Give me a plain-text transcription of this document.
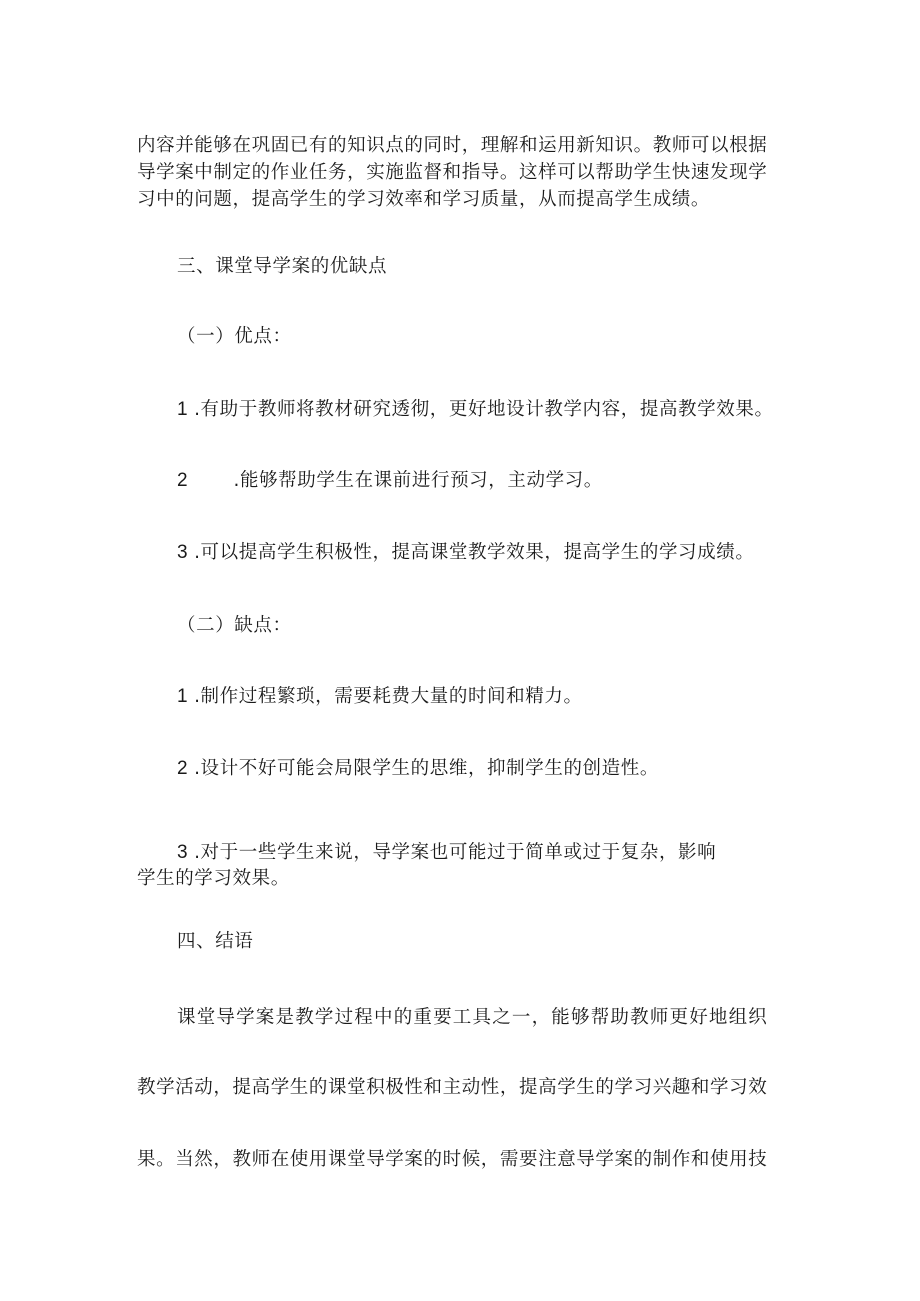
内容并能够在巩固已有的知识点的同时，理解和运用新知识。教师可以根据
导学案中制定的作业任务，实施监督和指导。这样可以帮助学生快速发现学
习中的问题，提高学生的学习效率和学习质量，从而提高学生成绩。
三、课堂导学案的优缺点
（一）优点：
1 .有助于教师将教材研究透彻，更好地设计教学内容，提高教学效果。
2 .能够帮助学生在课前进行预习，主动学习。
3 .可以提高学生积极性，提高课堂教学效果，提高学生的学习成绩。
（二）缺点：
1 .制作过程繁琐，需要耗费大量的时间和精力。
2 .设计不好可能会局限学生的思维，抑制学生的创造性。
3 .对于一些学生来说，导学案也可能过于简单或过于复杂，影响
学生的学习效果。
四、结语
课堂导学案是教学过程中的重要工具之一，能够帮助教师更好地组织
教学活动，提高学生的课堂积极性和主动性，提高学生的学习兴趣和学习效
果。当然，教师在使用课堂导学案的时候，需要注意导学案的制作和使用技
